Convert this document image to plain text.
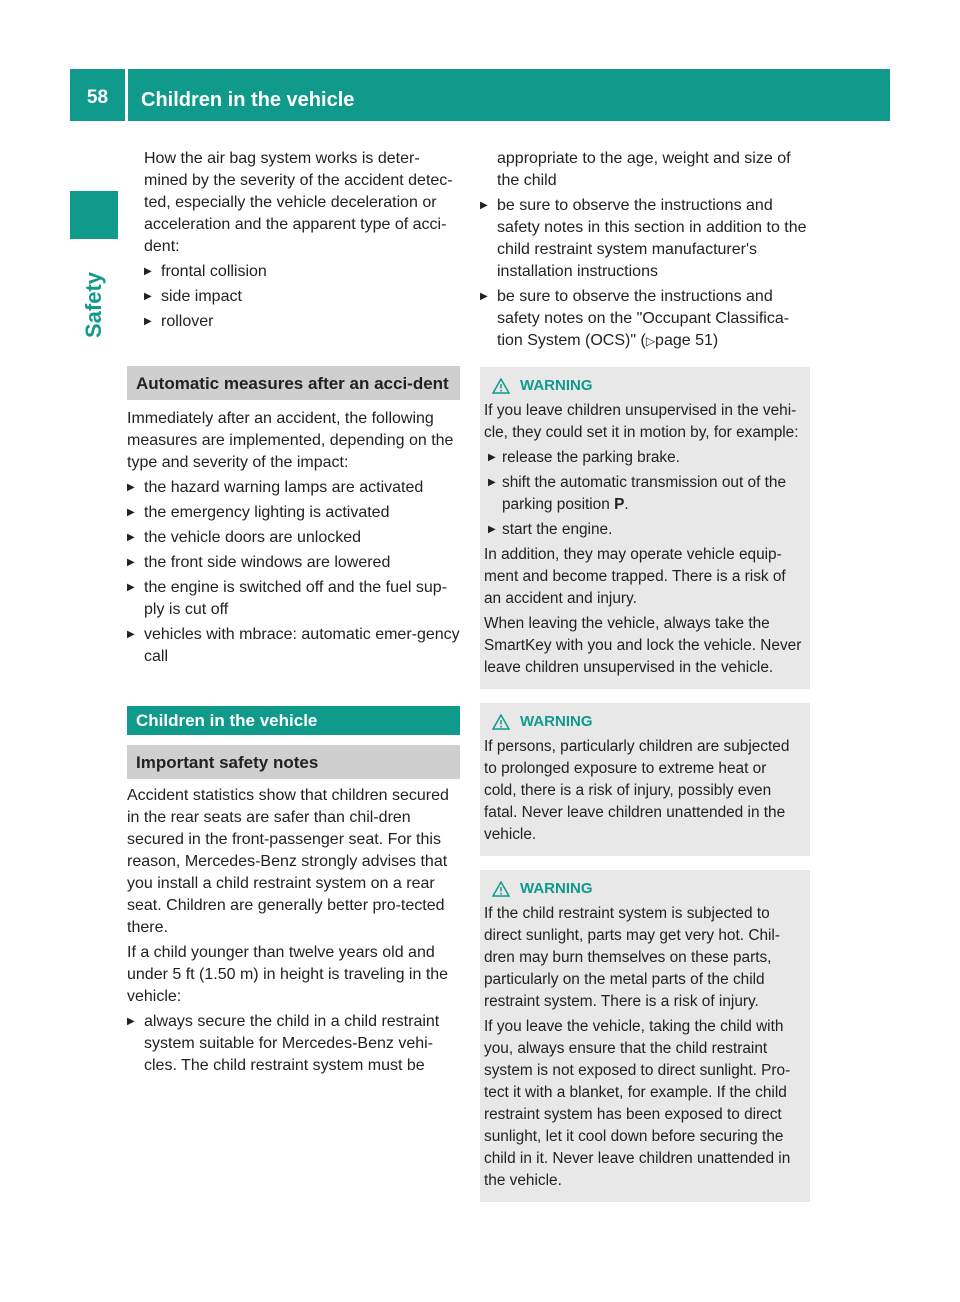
58	Children in the vehicle
Safety

How the air bag system works is deter-mined by the severity of the accident detec-ted, especially the vehicle deceleration or acceleration and the apparent type of acci-dent:

▶ frontal collision
▶ side impact
▶ rollover
Automatic measures after an acci-dent

Immediately after an accident, the following measures are implemented, depending on the type and severity of the impact:

▶ the hazard warning lamps are activated
▶ the emergency lighting is activated
▶ the vehicle doors are unlocked
▶ the front side windows are lowered
▶ the engine is switched off and the fuel sup-ply is cut off
▶ vehicles with mbrace: automatic emer-gency call
Children in the vehicle
Important safety notes

Accident statistics show that children secured in the rear seats are safer than chil-dren secured in the front-passenger seat. For this reason, Mercedes-Benz strongly advises that you install a child restraint system on a rear seat. Children are generally better pro-tected there.

If a child younger than twelve years old and under 5 ft (1.50 m) in height is traveling in the vehicle:

▶ always secure the child in a child restraint system suitable for Mercedes-Benz vehi-cles. The child restraint system must be

appropriate to the age, weight and size of the child

▶ be sure to observe the instructions and safety notes in this section in addition to the child restraint system manufacturer's installation instructions
▶ be sure to observe the instructions and safety notes on the "Occupant Classifica-tion System (OCS)" (▷page 51)
WARNING

If you leave children unsupervised in the vehi-cle, they could set it in motion by, for example:

▶ release the parking brake.
▶ shift the automatic transmission out of the parking position P.
▶ start the engine.

In addition, they may operate vehicle equip-ment and become trapped. There is a risk of an accident and injury.

When leaving the vehicle, always take the SmartKey with you and lock the vehicle. Never leave children unsupervised in the vehicle.

WARNING

If persons, particularly children are subjected to prolonged exposure to extreme heat or cold, there is a risk of injury, possibly even fatal. Never leave children unattended in the vehicle.

WARNING

If the child restraint system is subjected to direct sunlight, parts may get very hot. Chil-dren may burn themselves on these parts, particularly on the metal parts of the child restraint system. There is a risk of injury.

If you leave the vehicle, taking the child with you, always ensure that the child restraint system is not exposed to direct sunlight. Pro-tect it with a blanket, for example. If the child restraint system has been exposed to direct sunlight, let it cool down before securing the child in it. Never leave children unattended in the vehicle.
